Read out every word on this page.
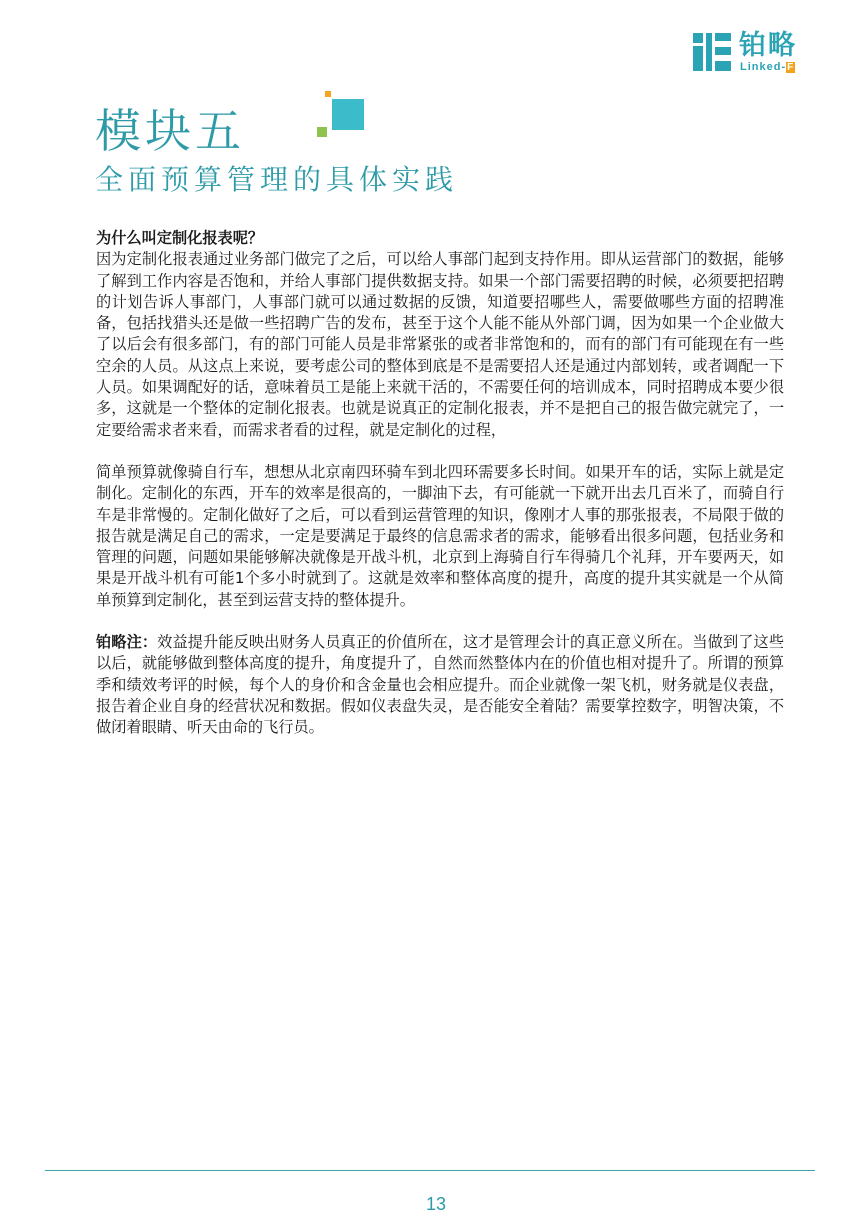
铂略
Linked-F
模块五
全面预算管理的具体实践

为什么叫定制化报表呢？

因为定制化报表通过业务部门做完了之后，可以给人事部门起到支持作用。即从运营部门的数据，能够了解到工作内容是否饱和，并给人事部门提供数据支持。如果一个部门需要招聘的时候，必须要把招聘的计划告诉人事部门，人事部门就可以通过数据的反馈，知道要招哪些人，需要做哪些方面的招聘准备，包括找猎头还是做一些招聘广告的发布，甚至于这个人能不能从外部门调，因为如果一个企业做大了以后会有很多部门，有的部门可能人员是非常紧张的或者非常饱和的，而有的部门有可能现在有一些空余的人员。从这点上来说，要考虑公司的整体到底是不是需要招人还是通过内部划转，或者调配一下人员。如果调配好的话，意味着员工是能上来就干活的，不需要任何的培训成本，同时招聘成本要少很多，这就是一个整体的定制化报表。也就是说真正的定制化报表，并不是把自己的报告做完就完了，一定要给需求者来看，而需求者看的过程，就是定制化的过程，

简单预算就像骑自行车，想想从北京南四环骑车到北四环需要多长时间。如果开车的话，实际上就是定制化。定制化的东西，开车的效率是很高的，一脚油下去，有可能就一下就开出去几百米了，而骑自行车是非常慢的。定制化做好了之后，可以看到运营管理的知识，像刚才人事的那张报表，不局限于做的报告就是满足自己的需求，一定是要满足于最终的信息需求者的需求，能够看出很多问题，包括业务和管理的问题，问题如果能够解决就像是开战斗机，北京到上海骑自行车得骑几个礼拜，开车要两天，如果是开战斗机有可能1个多小时就到了。这就是效率和整体高度的提升，高度的提升其实就是一个从简单预算到定制化，甚至到运营支持的整体提升。

铂略注：效益提升能反映出财务人员真正的价值所在，这才是管理会计的真正意义所在。当做到了这些以后，就能够做到整体高度的提升，角度提升了，自然而然整体内在的价值也相对提升了。所谓的预算季和绩效考评的时候，每个人的身价和含金量也会相应提升。而企业就像一架飞机，财务就是仪表盘，报告着企业自身的经营状况和数据。假如仪表盘失灵，是否能安全着陆？需要掌控数字，明智决策，不做闭着眼睛、听天由命的飞行员。

13
